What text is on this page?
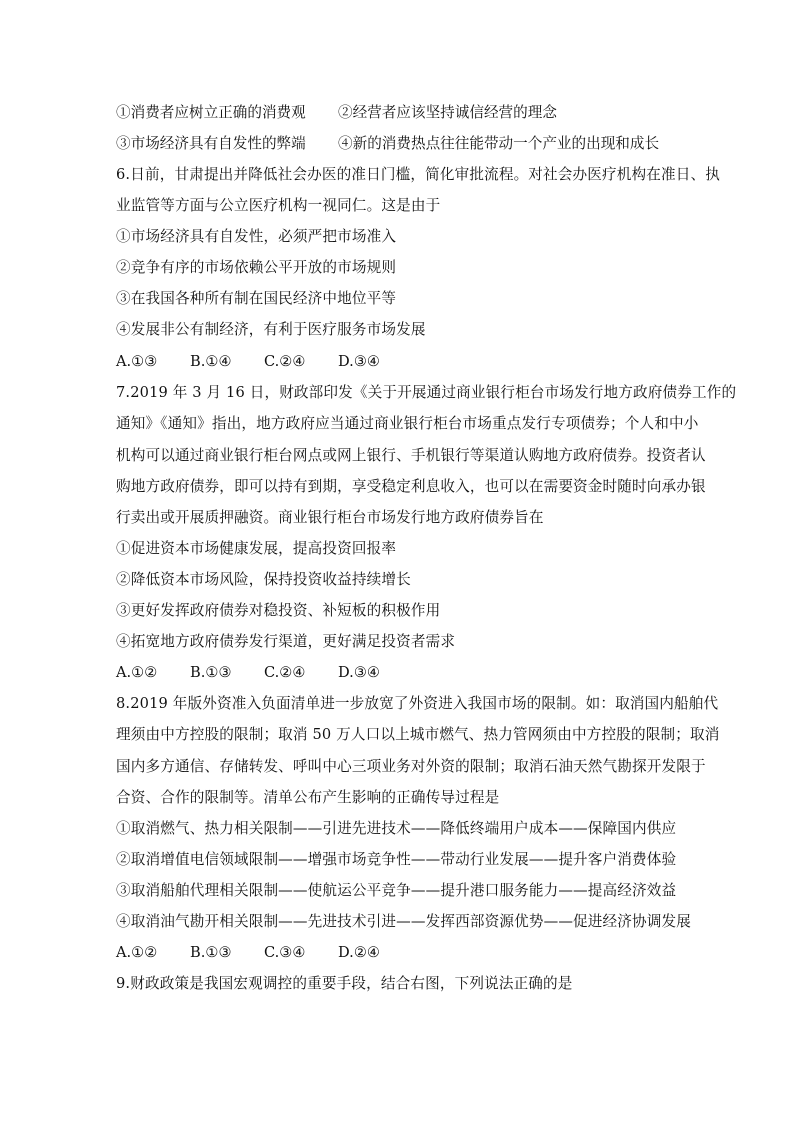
①消费者应树立正确的消费观 ②经营者应该坚持诚信经营的理念
③市场经济具有自发性的弊端 ④新的消费热点往往能带动一个产业的出现和成长
6.日前，甘肃提出并降低社会办医的准日门槛，简化审批流程。对社会办医疗机构在准日、执
业监管等方面与公立医疗机构一视同仁。这是由于
①市场经济具有自发性，必须严把市场准入
②竞争有序的市场依赖公平开放的市场规则
③在我国各种所有制在国民经济中地位平等
④发展非公有制经济，有利于医疗服务市场发展
A.①③ B.①④ C.②④ D.③④
7.2019 年 3 月 16 日，财政部印发《关于开展通过商业银行柜台市场发行地方政府债券工作的
通知》《通知》指出，地方政府应当通过商业银行柜台市场重点发行专项债券；个人和中小
机构可以通过商业银行柜台网点或网上银行、手机银行等渠道认购地方政府债券。投资者认
购地方政府债券，即可以持有到期，享受稳定利息收入，也可以在需要资金时随时向承办银
行卖出或开展质押融资。商业银行柜台市场发行地方政府债券旨在
①促进资本市场健康发展，提高投资回报率
②降低资本市场风险，保持投资收益持续增长
③更好发挥政府债券对稳投资、补短板的积极作用
④拓宽地方政府债券发行渠道，更好满足投资者需求
A.①② B.①③ C.②④ D.③④
8.2019 年版外资准入负面清单进一步放宽了外资进入我国市场的限制。如：取消国内船舶代
理须由中方控股的限制；取消 50 万人口以上城市燃气、热力管网须由中方控股的限制；取消
国内多方通信、存储转发、呼叫中心三项业务对外资的限制；取消石油天然气勘探开发限于
合资、合作的限制等。清单公布产生影响的正确传导过程是
①取消燃气、热力相关限制——引进先进技术——降低终端用户成本——保障国内供应
②取消增值电信领域限制——增强市场竞争性——带动行业发展——提升客户消费体验
③取消船舶代理相关限制——使航运公平竞争——提升港口服务能力——提高经济效益
④取消油气勘开相关限制——先进技术引进——发挥西部资源优势——促进经济协调发展
A.①② B.①③ C.③④ D.②④
9.财政政策是我国宏观调控的重要手段，结合右图，下列说法正确的是
